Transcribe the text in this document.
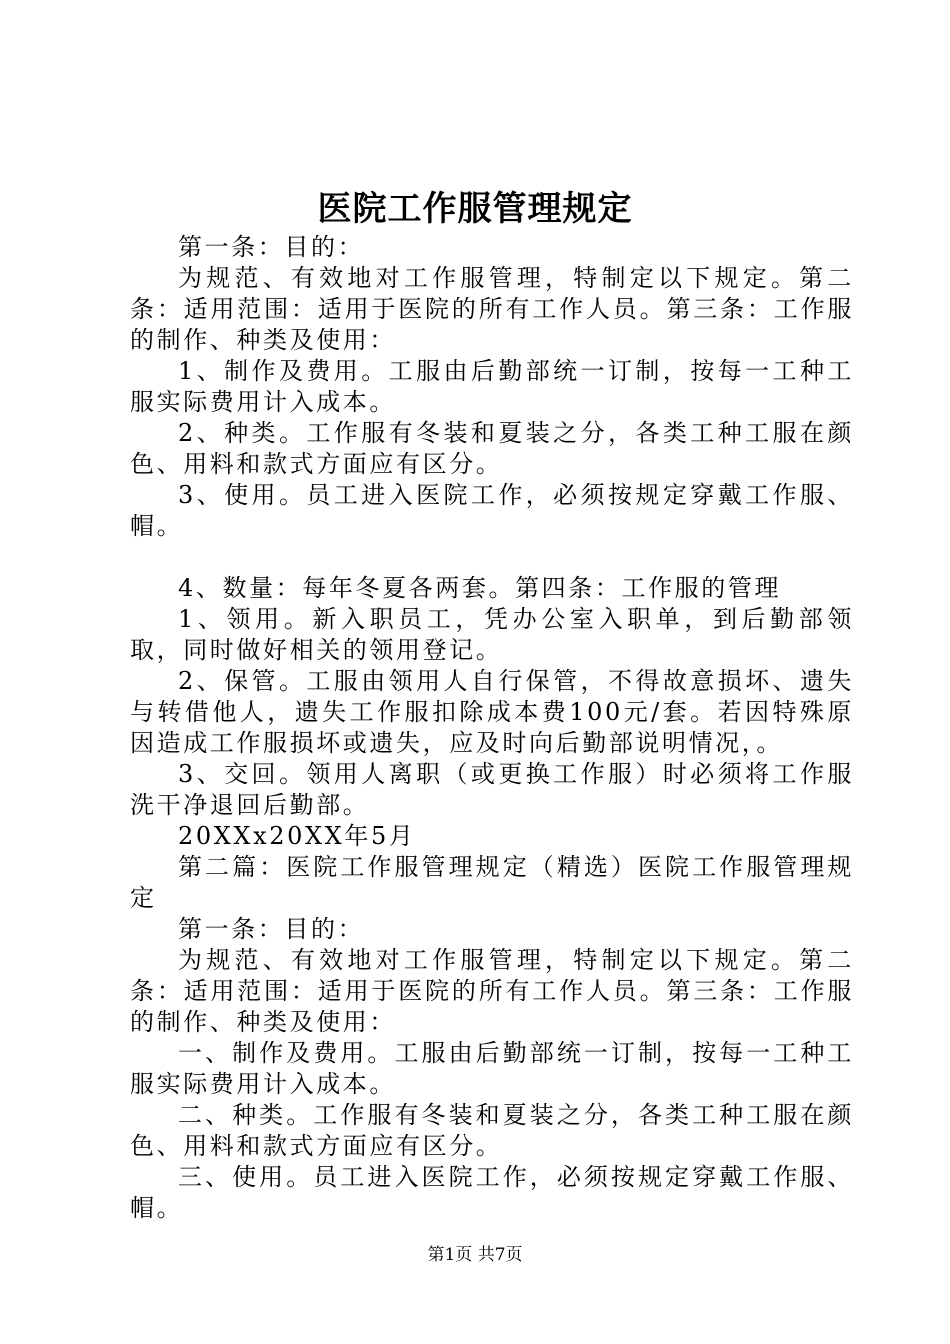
医院工作服管理规定

第一条：目的：

为规范、有效地对工作服管理，特制定以下规定。第二条：适用范围：适用于医院的所有工作人员。第三条：工作服的制作、种类及使用：

1、制作及费用。工服由后勤部统一订制，按每一工种工服实际费用计入成本。

2、种类。工作服有冬装和夏装之分，各类工种工服在颜色、用料和款式方面应有区分。

3、使用。员工进入医院工作，必须按规定穿戴工作服、帽。

4、数量：每年冬夏各两套。第四条：工作服的管理

1、领用。新入职员工，凭办公室入职单，到后勤部领取，同时做好相关的领用登记。

2、保管。工服由领用人自行保管，不得故意损坏、遗失与转借他人，遗失工作服扣除成本费100元/套。若因特殊原因造成工作服损坏或遗失，应及时向后勤部说明情况，。

3、交回。领用人离职（或更换工作服）时必须将工作服洗干净退回后勤部。

20XXx20XX年5月

第二篇：医院工作服管理规定（精选）医院工作服管理规定

第一条：目的：

为规范、有效地对工作服管理，特制定以下规定。第二条：适用范围：适用于医院的所有工作人员。第三条：工作服的制作、种类及使用：

一、制作及费用。工服由后勤部统一订制，按每一工种工服实际费用计入成本。

二、种类。工作服有冬装和夏装之分，各类工种工服在颜色、用料和款式方面应有区分。

三、使用。员工进入医院工作，必须按规定穿戴工作服、帽。

第1页 共7页
